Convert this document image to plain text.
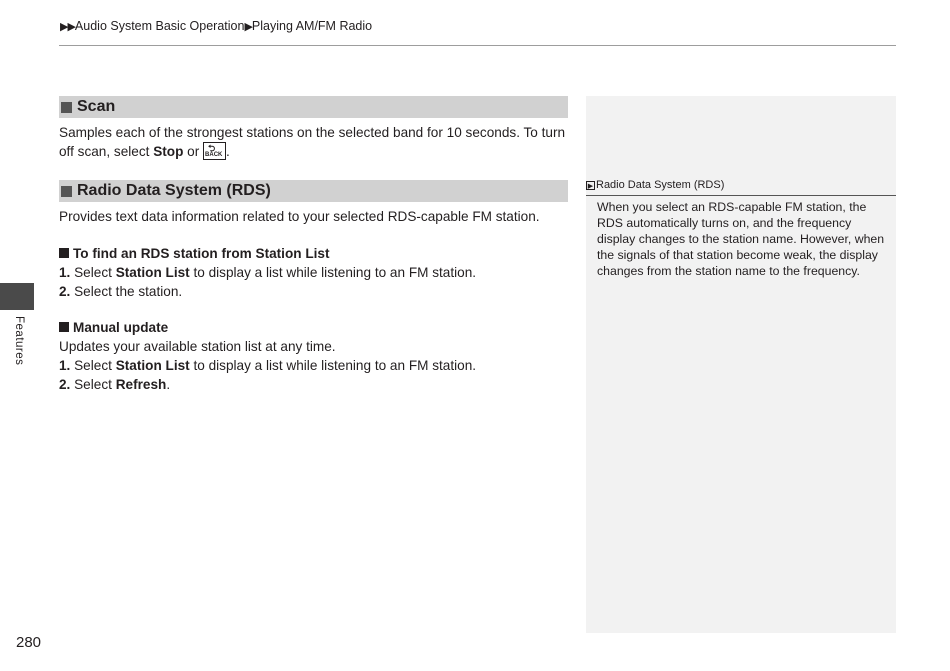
▶▶Audio System Basic Operation▶Playing AM/FM Radio
Scan
Samples each of the strongest stations on the selected band for 10 seconds. To turn off scan, select Stop or ⮌
BACK .
Radio Data System (RDS)
Provides text data information related to your selected RDS-capable FM station.
To find an RDS station from Station List
1. Select Station List to display a list while listening to an FM station.
2. Select the station.
Manual update
Updates your available station list at any time.
1. Select Station List to display a list while listening to an FM station.
2. Select Refresh.
▶ Radio Data System (RDS)
When you select an RDS-capable FM station, the RDS automatically turns on, and the frequency display changes to the station name. However, when the signals of that station become weak, the display changes from the station name to the frequency.
Features
280
